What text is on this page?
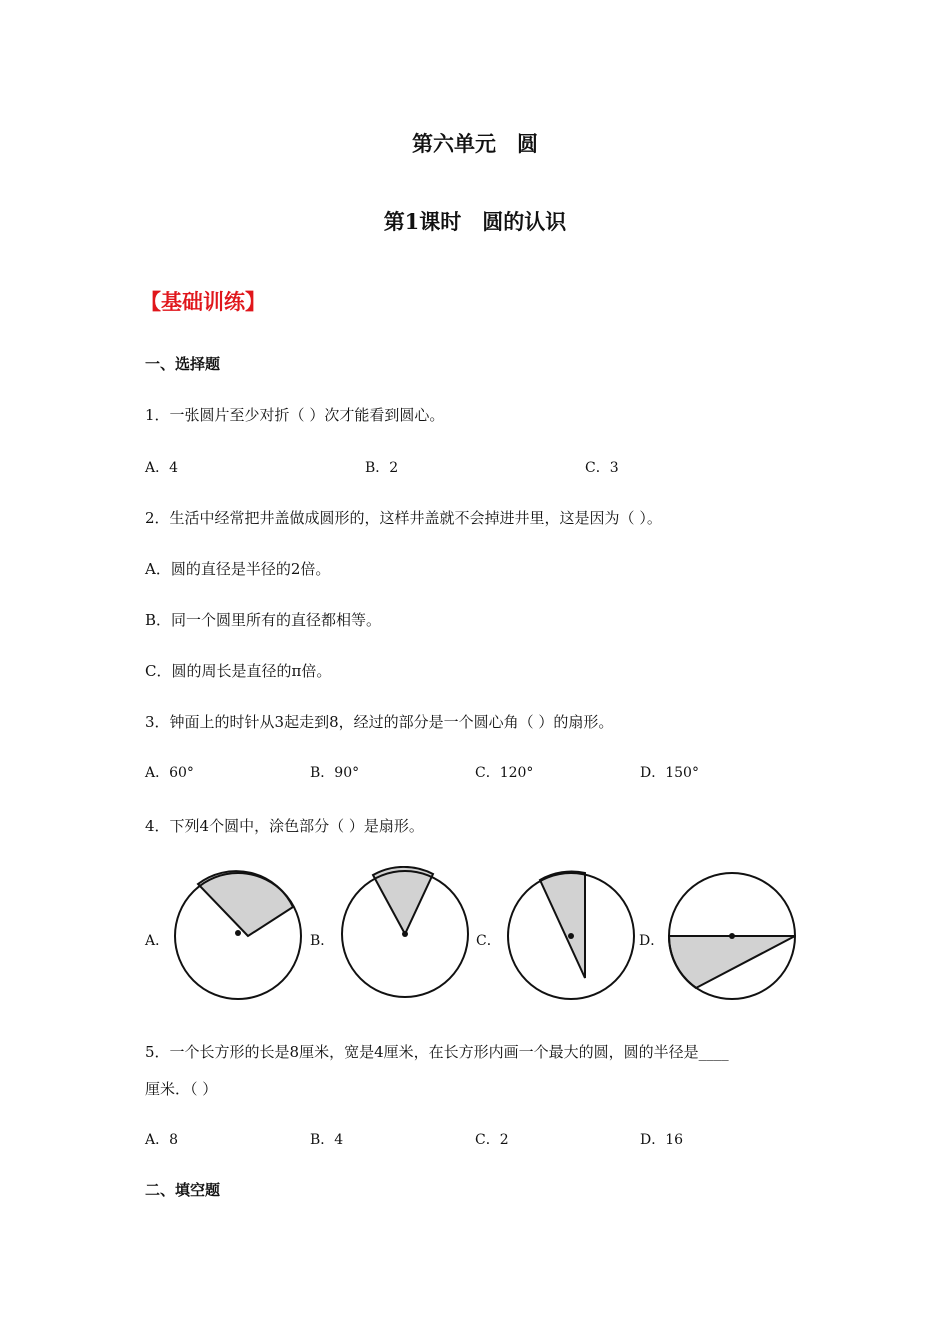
第六单元　圆
第1课时　圆的认识
【基础训练】
一、选择题
1．一张圆片至少对折（ ）次才能看到圆心。
A．4	B．2	C．3
2．生活中经常把井盖做成圆形的，这样井盖就不会掉进井里，这是因为（ ）。
A．圆的直径是半径的2倍。
B．同一个圆里所有的直径都相等。
C．圆的周长是直径的π倍。
3．钟面上的时针从3起走到8，经过的部分是一个圆心角（ ）的扇形。
A．60°	B．90°	C．120°	D．150°
4．下列4个圆中，涂色部分（ ）是扇形。
A．	B．	C．	D．
5．一个长方形的长是8厘米，宽是4厘米，在长方形内画一个最大的圆，圆的半径是____
厘米．（ ）
A．8	B．4	C．2	D．16
二、填空题
